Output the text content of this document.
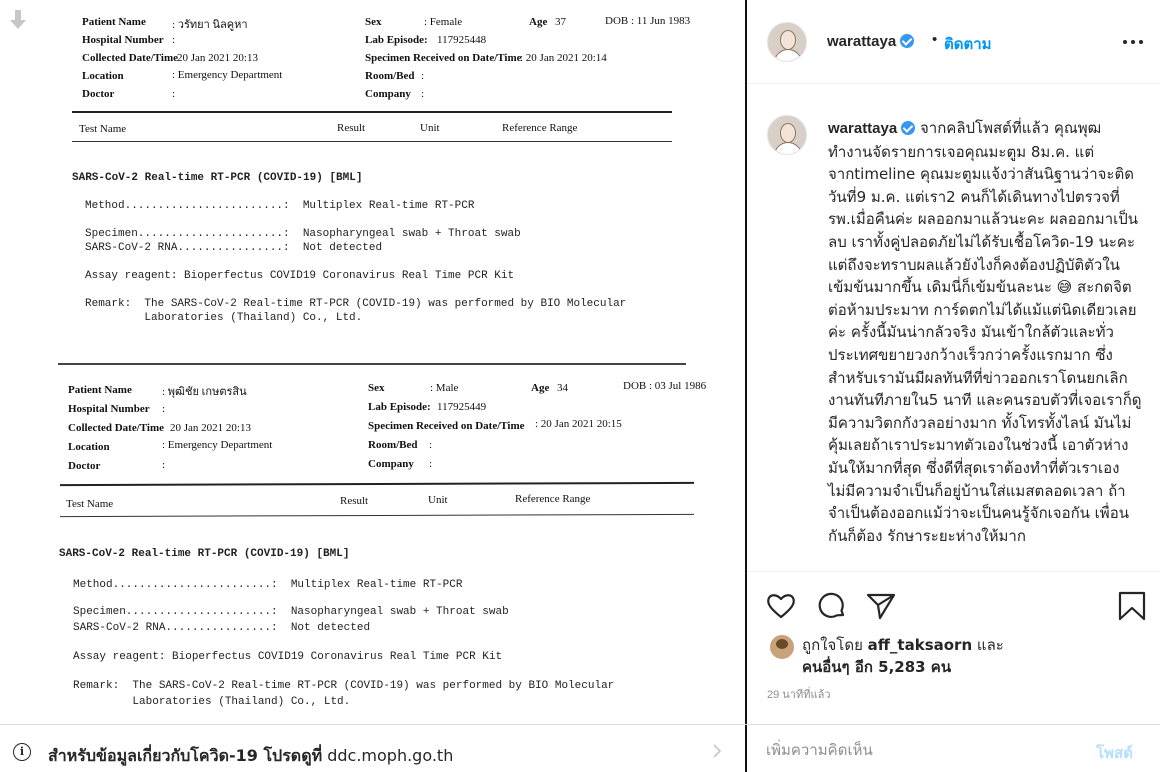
Patient Name : วรัทยา นิลคูหา
Hospital Number :
Collected Date/Time
20 Jan 2021 20:13
Location	: Emergency Department
Doctor	:
Sex	: Female	Age 37	DOB : 11 Jun 1983
Lab Episode: 117925448
Specimen Received on Date/Time
: 20 Jan 2021 20:14
Room/Bed :
Company :
Test Name	Result	Unit	Reference Range
SARS-CoV-2 Real-time RT-PCR (COVID-19) [BML]
Method........................:  Multiplex Real-time RT-PCR
Specimen......................:  Nasopharyngeal swab + Throat swab
SARS-CoV-2 RNA................:  Not detected
Assay reagent: Bioperfectus COVID19 Coronavirus Real Time PCR Kit
Remark:  The SARS-CoV-2 Real-time RT-PCR (COVID-19) was performed by BIO Molecular
Laboratories (Thailand) Co., Ltd.
Patient Name	: พุฒิชัย เกษตรสิน
Hospital Number :
Collected Date/Time 20 Jan 2021 20:13
Location	: Emergency Department
Doctor	:
Sex	: Male	Age 34	DOB : 03 Jul 1986
Lab Episode: 117925449
Specimen Received on Date/Time : 20 Jan 2021 20:15
Room/Bed :
Company :
Test Name	Result	Unit	Reference Range
SARS-CoV-2 Real-time RT-PCR (COVID-19) [BML]
Method........................:  Multiplex Real-time RT-PCR
Specimen......................:  Nasopharyngeal swab + Throat swab
SARS-CoV-2 RNA................:  Not detected
Assay reagent: Bioperfectus COVID19 Coronavirus Real Time PCR Kit
Remark:  The SARS-CoV-2 Real-time RT-PCR (COVID-19) was performed by BIO Molecular
Laboratories (Thailand) Co., Ltd.
warattaya	• ติดตาม
warattaya จากคลิปโพสต์ที่แล้ว คุณพุฒทำงานจัดรายการเจอคุณมะตูม 8ม.ค. แต่จากtimeline คุณมะตูมแจ้งว่าสันนิฐานว่าจะติดวันที่9 ม.ค. แต่เรา2 คนก็ได้เดินทางไปตรวจที่รพ.เมื่อคืนค่ะ ผลออกมาแล้วนะคะ ผลออกมาเป็นลบ เราทั้งคู่ปลอดภัยไม่ได้รับเชื้อโควิด-19 นะคะ แต่ถึงจะทราบผลแล้วยังไงก็คงต้องปฏิบัติตัวในเข้มข้นมากขึ้น เดิมนี่ก็เข้มข้นละนะ 😅 สะกดจิตต่อห้ามประมาท การ์ดตกไม่ได้แม้แต่นิดเดียวเลยค่ะ ครั้งนี้มันน่ากลัวจริง มันเข้าใกล้ตัวและทั่วประเทศขยายวงกว้างเร็วกว่าครั้งแรกมาก ซึ่งสำหรับเรามันมีผลทันทีที่ข่าวออกเราโดนยกเลิกงานทันทีภายใน5 นาที และคนรอบตัวที่เจอเราก็ดูมีความวิตกกังวลอย่างมาก ทั้งโทรทั้งไลน์ มันไม่คุ้มเลยถ้าเราประมาทตัวเองในช่วงนี้ เอาตัวห่างมันให้มากที่สุด ซึ่งดีที่สุดเราต้องทำที่ตัวเราเอง ไม่มีความจำเป็นก็อยู่บ้านใส่แมสตลอดเวลา ถ้าจำเป็นต้องออกแม้ว่าจะเป็นคนรู้จักเจอกัน เพื่อนกันก็ต้อง รักษาระยะห่างให้มาก
ถูกใจโดย aff_taksaorn และ
คนอื่นๆ อีก 5,283 คน
29 นาทีที่แล้ว
i	สำหรับข้อมูลเกี่ยวกับโควิด-19 โปรดดูที่ ddc.moph.go.th
เพิ่มความคิดเห็น	โพสต์
